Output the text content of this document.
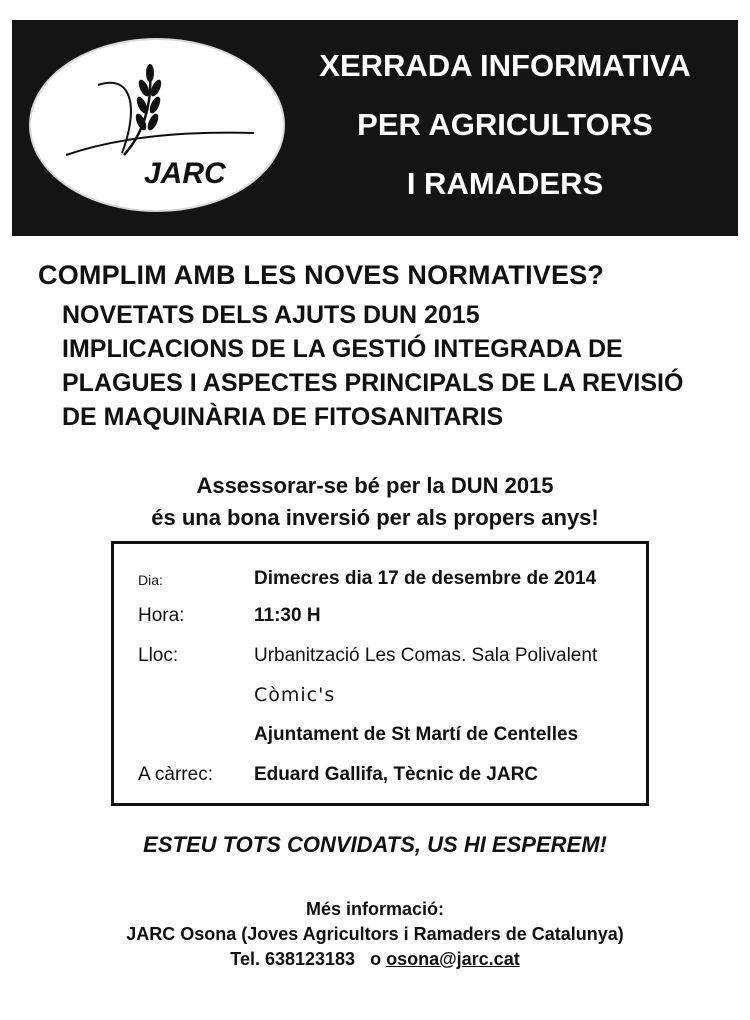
JARC
XERRADA INFORMATIVA
PER AGRICULTORS
I RAMADERS
COMPLIM AMB LES NOVES NORMATIVES?
NOVETATS DELS AJUTS DUN 2015
IMPLICACIONS DE LA GESTIÓ INTEGRADA DE
PLAGUES I ASPECTES PRINCIPALS DE LA REVISIÓ
DE MAQUINÀRIA DE FITOSANITARIS
Assessorar-se bé per la DUN 2015
és una bona inversió per als propers anys!
Dia:	Dimecres dia 17 de desembre de 2014
Hora:	11:30 H
Lloc:	Urbanització Les Comas. Sala Polivalent
Còmic's
Ajuntament de St Martí de Centelles
A càrrec: Eduard Gallifa, Tècnic de JARC
ESTEU TOTS CONVIDATS, US HI ESPEREM!
Més informació:
JARC Osona (Joves Agricultors i Ramaders de Catalunya)
Tel. 638123183 o osona@jarc.cat
